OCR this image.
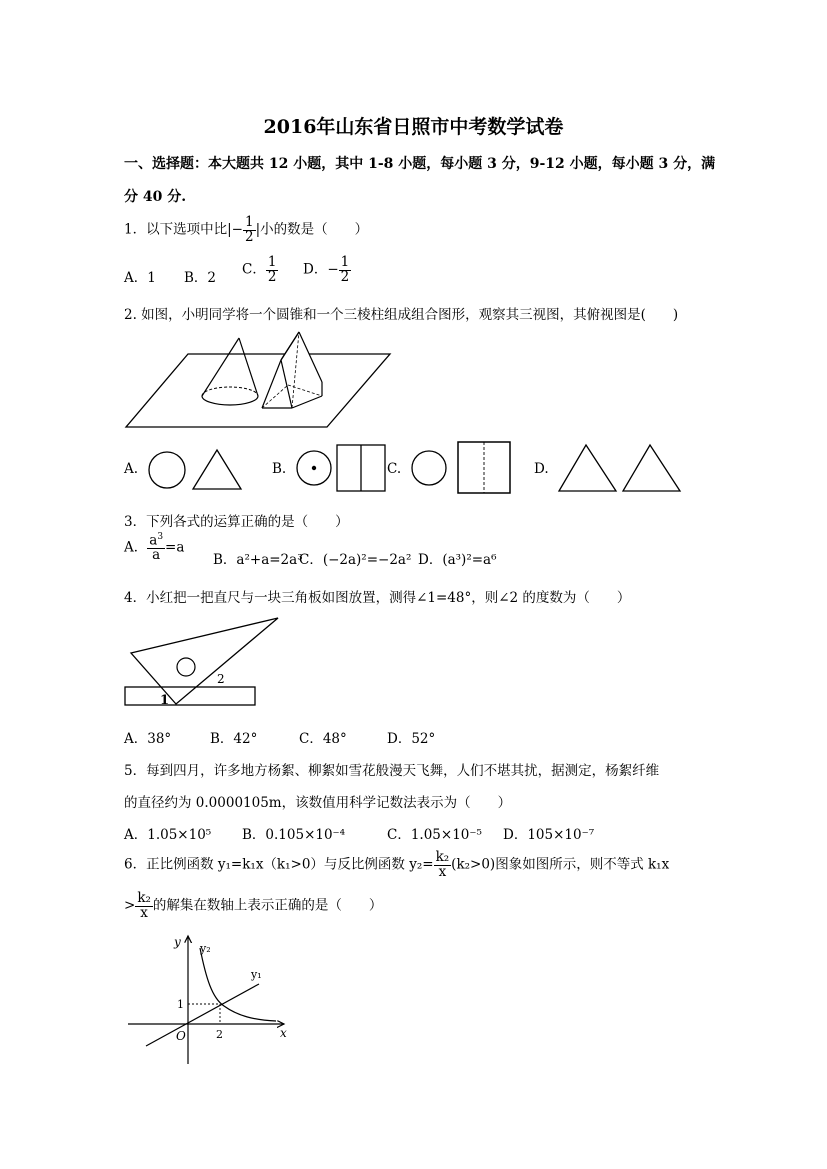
2016年山东省日照市中考数学试卷
一、选择题：本大题共 12 小题，其中 1-8 小题，每小题 3 分，9-12 小题，每小题 3 分，满
分 40 分.
1．以下选项中比|− $\frac{1}{2}$ |小的数是（　　）
A．1 B．2
C． $\frac{1}{2}$ D．− $\frac{1}{2}$
2. 如图，小明同学将一个圆锥和一个三棱柱组成组合图形，观察其三视图，其俯视图是(　　)
A.	B.	C.	D.
3．下列各式的运算正确的是（　　）
A． $\frac{a^3}{a} =a$
B．a²+a=2a³
C．(−2a)²=−2a² D．(a³)²=a⁶
4．小红把一把直尺与一块三角板如图放置，测得∠1=48°，则∠2 的度数为（　　）
1
2
A．38°	B．42°	C．48°	D．52°
5．每到四月，许多地方杨絮、柳絮如雪花般漫天飞舞，人们不堪其扰，据测定，杨絮纤维
的直径约为 0.0000105m，该数值用科学记数法表示为（　　）
A．1.05×10⁵ B．0.105×10⁻⁴	C．1.05×10⁻⁵ D．105×10⁻⁷
6．正比例函数 y₁=k₁x（k₁>0）与反比例函数 $y_2= \frac{\text{k₂}}{x} (k_2>0)$图象如图所示，则不等式 k₁x
> $\frac{\text{k₂}}{x}$ 的解集在数轴上表示正确的是（　　）
y y₂
y₁
1
2
O	x
